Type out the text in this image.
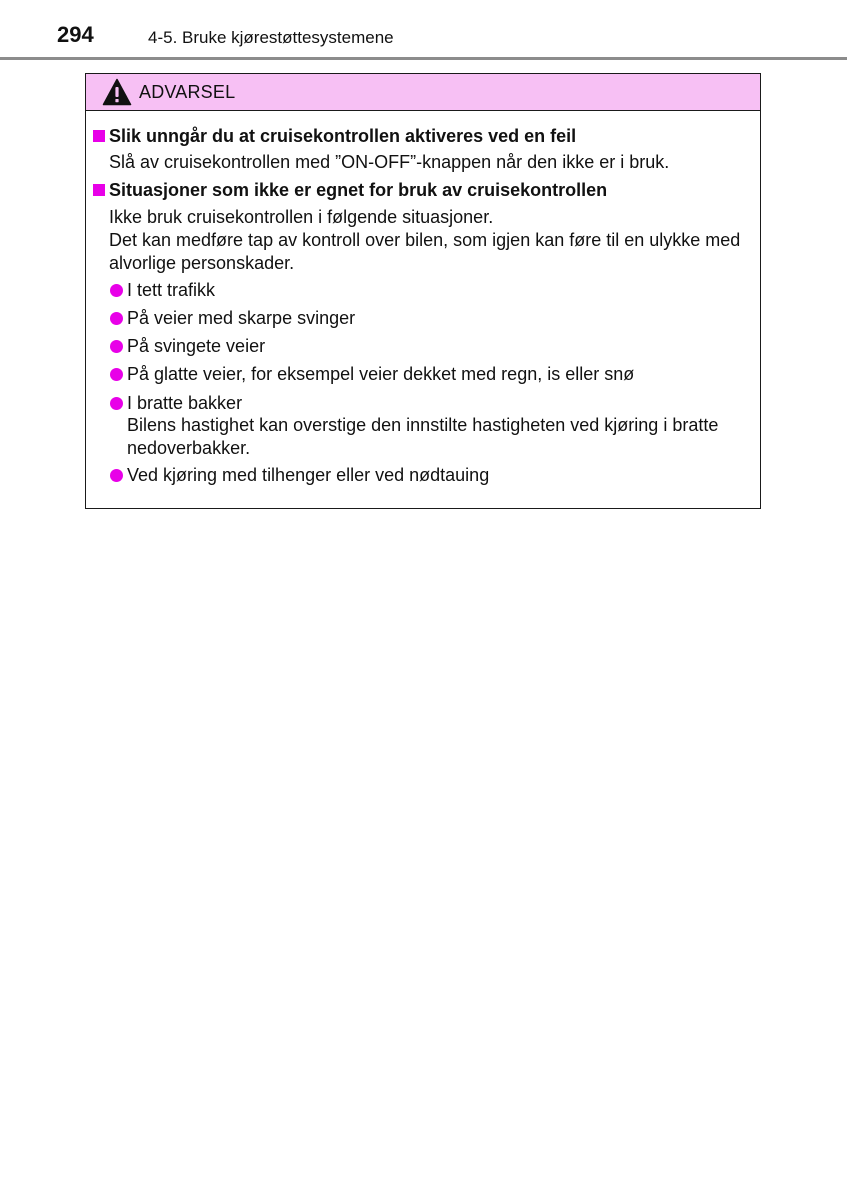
294	4-5. Bruke kjørestøttesystemene
ADVARSEL
Slik unngår du at cruisekontrollen aktiveres ved en feil
Slå av cruisekontrollen med ”ON-OFF”-knappen når den ikke er i bruk.
Situasjoner som ikke er egnet for bruk av cruisekontrollen
Ikke bruk cruisekontrollen i følgende situasjoner.
Det kan medføre tap av kontroll over bilen, som igjen kan føre til en ulykke med alvorlige personskader.
I tett trafikk
På veier med skarpe svinger
På svingete veier
På glatte veier, for eksempel veier dekket med regn, is eller snø
I bratte bakker
Bilens hastighet kan overstige den innstilte hastigheten ved kjøring i bratte nedoverbakker.
Ved kjøring med tilhenger eller ved nødtauing
